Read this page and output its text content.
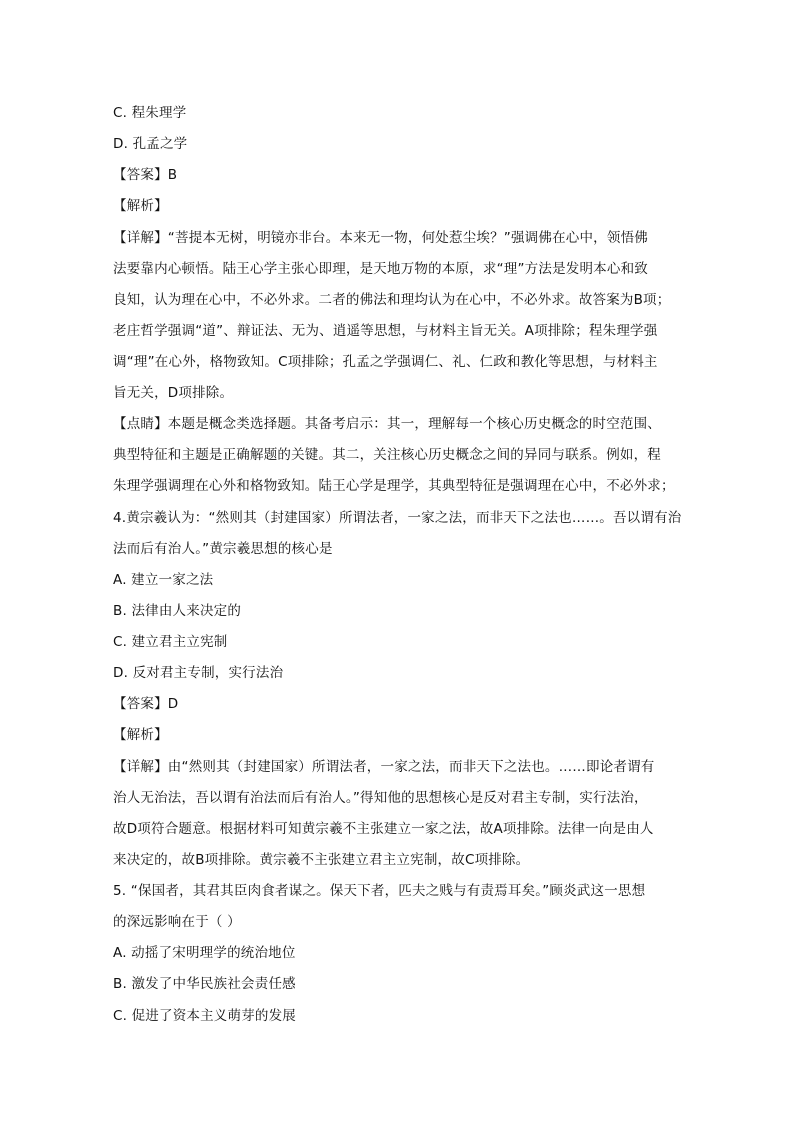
C. 程朱理学
D. 孔孟之学
【答案】B
【解析】
【详解】“菩提本无树，明镜亦非台。本来无一物，何处惹尘埃？”强调佛在心中，领悟佛
法要靠内心顿悟。陆王心学主张心即理，是天地万物的本原，求“理”方法是发明本心和致
良知，认为理在心中，不必外求。二者的佛法和理均认为在心中，不必外求。故答案为B项；
老庄哲学强调“道”、辩证法、无为、逍遥等思想，与材料主旨无关。A项排除；程朱理学强
调“理”在心外，格物致知。C项排除；孔孟之学强调仁、礼、仁政和教化等思想，与材料主
旨无关，D项排除。
【点睛】本题是概念类选择题。其备考启示：其一，理解每一个核心历史概念的时空范围、
典型特征和主题是正确解题的关键。其二，关注核心历史概念之间的异同与联系。例如，程
朱理学强调理在心外和格物致知。陆王心学是理学，其典型特征是强调理在心中，不必外求；
4.黄宗羲认为：“然则其（封建国家）所谓法者，一家之法，而非天下之法也……。吾以谓有治
法而后有治人。”黄宗羲思想的核心是
A. 建立一家之法
B. 法律由人来决定的
C. 建立君主立宪制
D. 反对君主专制，实行法治
【答案】D
【解析】
【详解】由“然则其（封建国家）所谓法者，一家之法，而非天下之法也。……即论者谓有
治人无治法，吾以谓有治法而后有治人。”得知他的思想核心是反对君主专制，实行法治，
故D项符合题意。根据材料可知黄宗羲不主张建立一家之法，故A项排除。法律一向是由人
来决定的，故B项排除。黄宗羲不主张建立君主立宪制，故C项排除。
5. “保国者，其君其臣肉食者谋之。保天下者，匹夫之贱与有责焉耳矣。”顾炎武这一思想
的深远影响在于（ ）
A. 动摇了宋明理学的统治地位
B. 激发了中华民族社会责任感
C. 促进了资本主义萌芽的发展
